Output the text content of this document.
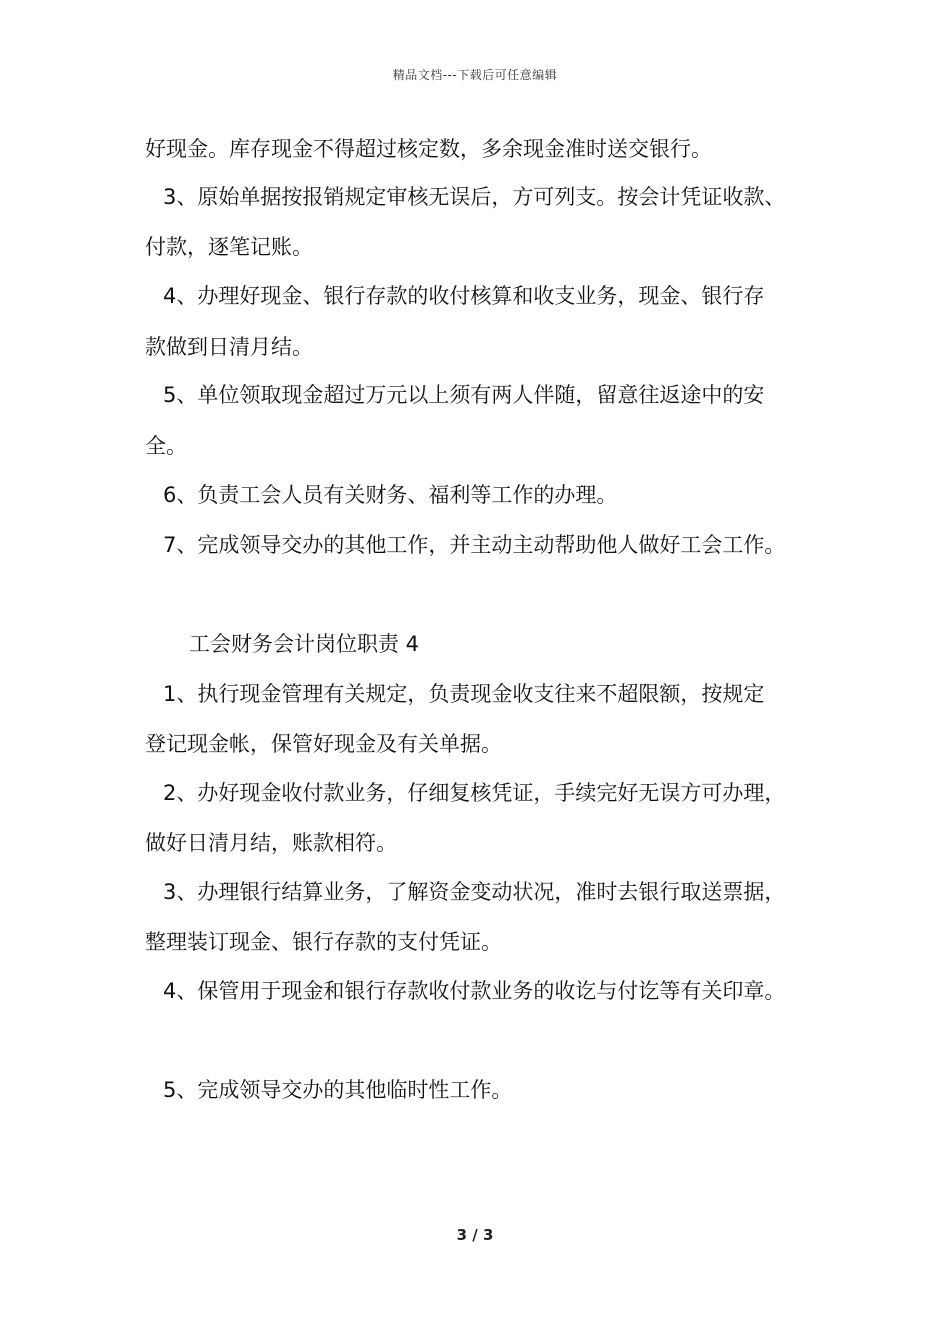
精品文档---下载后可任意编辑
好现金。库存现金不得超过核定数，多余现金准时送交银行。
3、原始单据按报销规定审核无误后，方可列支。按会计凭证收款、
付款，逐笔记账。
4、办理好现金、银行存款的收付核算和收支业务，现金、银行存
款做到日清月结。
5、单位领取现金超过万元以上须有两人伴随，留意往返途中的安
全。
6、负责工会人员有关财务、福利等工作的办理。
7、完成领导交办的其他工作，并主动主动帮助他人做好工会工作。
工会财务会计岗位职责 4
1、执行现金管理有关规定，负责现金收支往来不超限额，按规定
登记现金帐，保管好现金及有关单据。
2、办好现金收付款业务，仔细复核凭证，手续完好无误方可办理，
做好日清月结，账款相符。
3、办理银行结算业务，了解资金变动状况，准时去银行取送票据，
整理装订现金、银行存款的支付凭证。
4、保管用于现金和银行存款收付款业务的收讫与付讫等有关印章。
5、完成领导交办的其他临时性工作。
3 / 3
